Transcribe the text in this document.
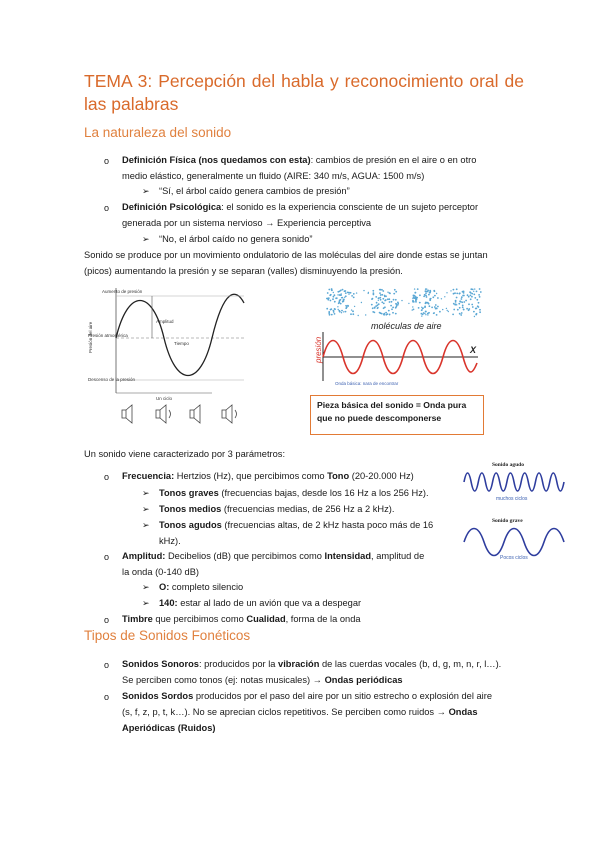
TEMA 3: Percepción del habla y reconocimiento oral de las palabras
La naturaleza del sonido
o Definición Física (nos quedamos con esta): cambios de presión en el aire o en otro
medio elástico, generalmente un fluido (AIRE: 340 m/s, AGUA: 1500 m/s)
➢ “Sí, el árbol caído genera cambios de presión”
o Definición Psicológica: el sonido es la experiencia consciente de un sujeto perceptor
generada por un sistema nervioso → Experiencia perceptiva
➢ “No, el árbol caído no genera sonido”
Sonido se produce por un movimiento ondulatorio de las moléculas del aire donde estas se juntan
(picos) aumentando la presión y se separan (valles) disminuyendo la presión.
Aumento de presión
Amplitud
Presión atmosférica
Tiempo
Descenso de la presión
Un ciclo
Presión del aire	moléculas de aire
presión	X
Onda básica: nara de encontrar
Pieza básica del sonido = Onda pura
que no puede descomponerse
Un sonido viene caracterizado por 3 parámetros:
o Frecuencia: Hertzios (Hz), que percibimos como Tono (20-20.000 Hz)
➢ Tonos graves (frecuencias bajas, desde los 16 Hz a los 256 Hz).
➢ Tonos medios (frecuencias medias, de 256 Hz a 2 kHz).
➢ Tonos agudos (frecuencias altas, de 2 kHz hasta poco más de 16
kHz).
o Amplitud: Decibelios (dB) que percibimos como Intensidad, amplitud de
la onda (0-140 dB)
➢ O: completo silencio
➢ 140: estar al lado de un avión que va a despegar
o Timbre que percibimos como Cualidad, forma de la onda
Sonido agudo
muchos ciclos
Sonido grave
Pocos ciclos
Tipos de Sonidos Fonéticos
o Sonidos Sonoros: producidos por la vibración de las cuerdas vocales (b, d, g, m, n, r, l…).
Se perciben como tonos (ej: notas musicales) → Ondas periódicas
o Sonidos Sordos producidos por el paso del aire por un sitio estrecho o explosión del aire
(s, f, z, p, t, k…). No se aprecian ciclos repetitivos. Se perciben como ruidos → Ondas
Aperiódicas (Ruidos)
